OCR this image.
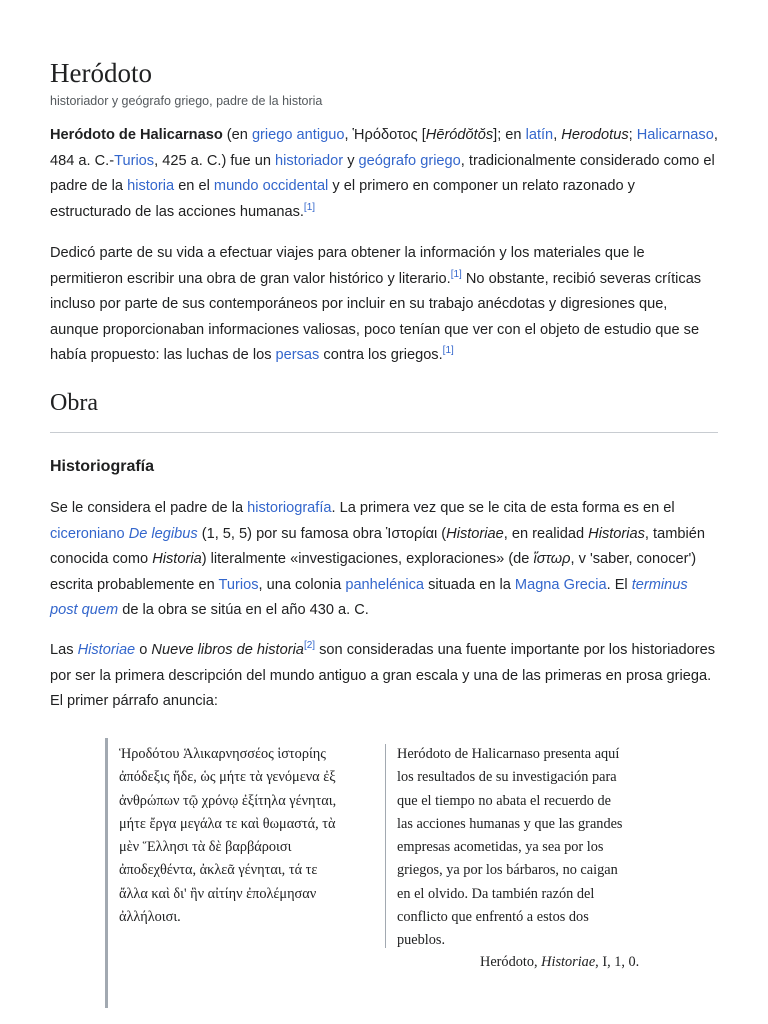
Heródoto
historiador y geógrafo griego, padre de la historia

Heródoto de Halicarnaso (en griego antiguo, Ἡρόδοτος [Hēródŏtŏs]; en latín, Herodotus; Halicarnaso, 484 a. C.-Turios, 425 a. C.) fue un historiador y geógrafo griego, tradicionalmente considerado como el padre de la historia en el mundo occidental y el primero en componer un relato razonado y estructurado de las acciones humanas.[1]

Dedicó parte de su vida a efectuar viajes para obtener la información y los materiales que le permitieron escribir una obra de gran valor histórico y literario.[1] No obstante, recibió severas críticas incluso por parte de sus contemporáneos por incluir en su trabajo anécdotas y digresiones que, aunque proporcionaban informaciones valiosas, poco tenían que ver con el objeto de estudio que se había propuesto: las luchas de los persas contra los griegos.[1]

Obra
Historiografía

Se le considera el padre de la historiografía. La primera vez que se le cita de esta forma es en el ciceroniano De legibus (1, 5, 5) por su famosa obra Ἱστορίαι (Historiae, en realidad Historias, también conocida como Historia) literalmente «investigaciones, exploraciones» (de ἵστωρ, v 'saber, conocer') escrita probablemente en Turios, una colonia panhelénica situada en la Magna Grecia. El terminus post quem de la obra se sitúa en el año 430 a. C.

Las Historiae o Nueve libros de historia[2] son consideradas una fuente importante por los historiadores por ser la primera descripción del mundo antiguo a gran escala y una de las primeras en prosa griega. El primer párrafo anuncia:

Ἡροδότου Ἁλικαρνησσέος ἱστορίης
ἀπόδεξις ἥδε, ὡς μήτε τὰ γενόμενα ἐξ
ἀνθρώπων τῷ χρόνῳ ἐξίτηλα γένηται,
μήτε ἔργα μεγάλα τε καὶ θωμαστά, τὰ
μὲν Ἕλλησι τὰ δὲ βαρβάροισι
ἀποδεχθέντα, ἀκλεᾶ γένηται, τά τε
ἄλλα καὶ δι' ἣν αἰτίην ἐπολέμησαν
ἀλλήλοισι.
Heródoto de Halicarnaso presenta aquí
los resultados de su investigación para
que el tiempo no abata el recuerdo de
las acciones humanas y que las grandes
empresas acometidas, ya sea por los
griegos, ya por los bárbaros, no caigan
en el olvido. Da también razón del
conflicto que enfrentó a estos dos
pueblos.
Heródoto, Historiae, I, 1, 0.
